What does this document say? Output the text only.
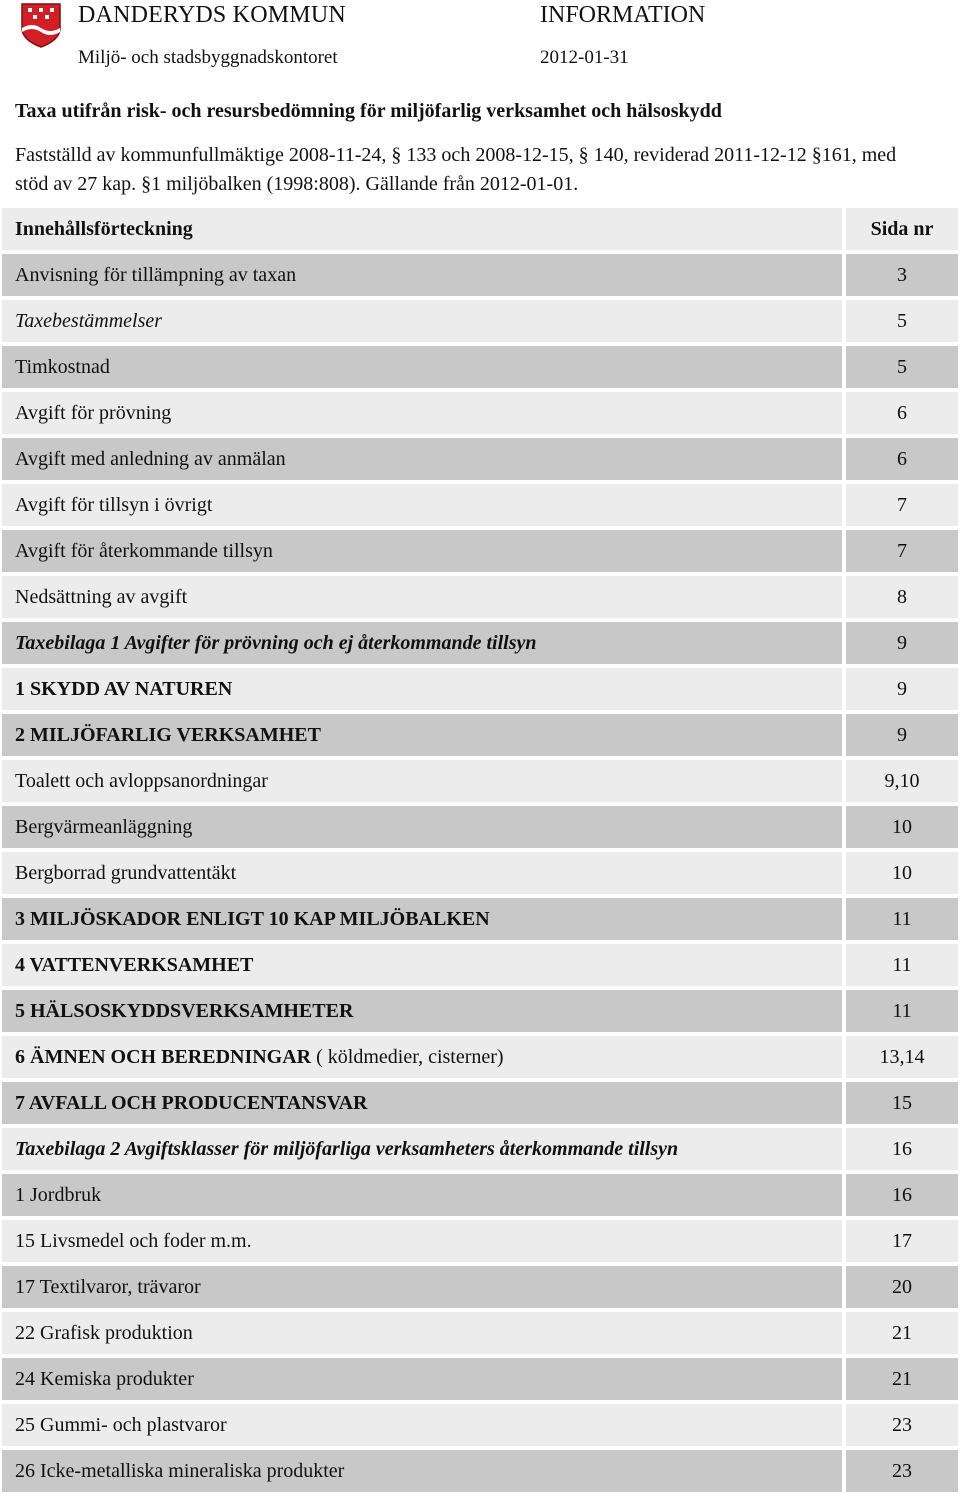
DANDERYDS KOMMUN
Miljö- och stadsbyggnadskontoret
INFORMATION
2012-01-31
Taxa utifrån risk- och resursbedömning för miljöfarlig verksamhet och hälsoskydd
Fastställd av kommunfullmäktige 2008-11-24, § 133 och 2008-12-15, § 140, reviderad 2011-12-12 §161, med stöd av 27 kap. §1 miljöbalken (1998:808). Gällande från 2012-01-01.
Innehållsförteckning	Sida nr
Anvisning för tillämpning av taxan	3
Taxebestämmelser	5
Timkostnad	5
Avgift för prövning	6
Avgift med anledning av anmälan	6
Avgift för tillsyn i övrigt	7
Avgift för återkommande tillsyn	7
Nedsättning av avgift	8
Taxebilaga 1 Avgifter för prövning och ej återkommande tillsyn	9
1 SKYDD AV NATUREN	9
2 MILJÖFARLIG VERKSAMHET	9
Toalett och avloppsanordningar	9,10
Bergvärmeanläggning	10
Bergborrad grundvattentäkt	10
3 MILJÖSKADOR ENLIGT 10 KAP MILJÖBALKEN	11
4 VATTENVERKSAMHET	11
5 HÄLSOSKYDDSVERKSAMHETER	11
6 ÄMNEN OCH BEREDNINGAR ( köldmedier, cisterner)	13,14
7 AVFALL OCH PRODUCENTANSVAR	15
Taxebilaga 2 Avgiftsklasser för miljöfarliga verksamheters återkommande tillsyn	16
1 Jordbruk	16
15 Livsmedel och foder m.m.	17
17 Textilvaror, trävaror	20
22 Grafisk produktion	21
24 Kemiska produkter	21
25 Gummi- och plastvaror	23
26 Icke-metalliska mineraliska produkter	23
